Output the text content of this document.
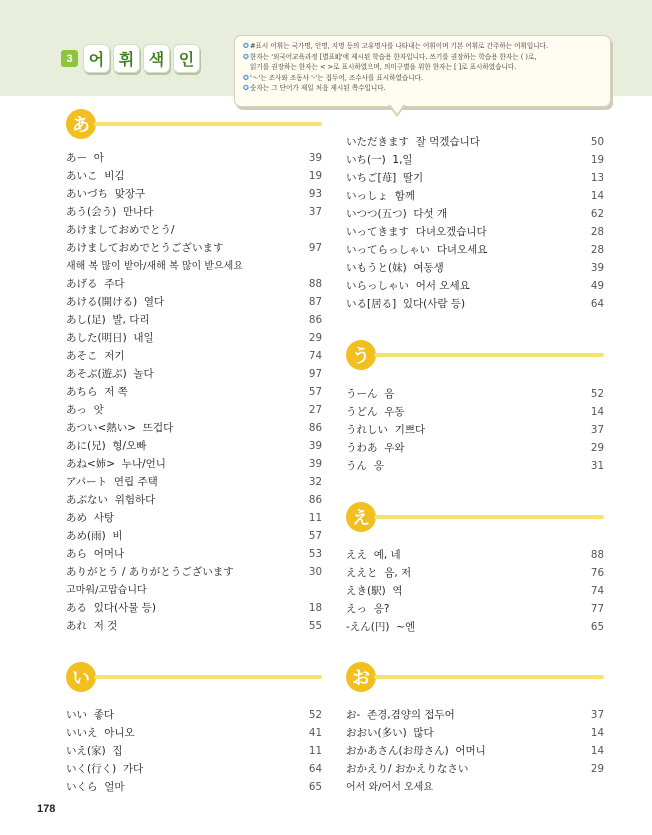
3	어 휘 색 인
✪#표시 어휘는 국가명, 인명, 지명 등의 고유명사를 나타내는 어휘이며 기본 어휘로 간주하는 어휘입니다.
✪한자는 '외국어교육과정 [별표Ⅱ]'에 제시된 학습용 한자입니다. 쓰기를 권장하는 학습용 한자는 ( )로,
읽기를 권장하는 한자는 < >로 표시하였으며, 의미구별을 위한 한자는 [ ]로 표시하였습니다.
✪'〜'는 조사와 조동사 '-'는 접두어, 조수사를 표시하였습니다.
✪숫자는 그 단어가 제일 처음 제시된 쪽수입니다.
あ
あー 아	39
あいこ 비김	19
あいづち 맞장구	93
あう(会う) 만나다	37
あけましておめでとう/
あけましておめでとうございます	97
새해 복 많이 받아/새해 복 많이 받으세요
あげる 주다	88
あける(開ける) 열다	87
あし(足) 발, 다리	86
あした(明日) 내일	29
あそこ 저기	74
あそぶ(遊ぶ) 놀다	97
あちら 저 쪽	57
あっ 앗	27
あつい<熱い> 뜨겁다	86
あに(兄) 형/오빠	39
あね<姉> 누나/언니	39
アパート 연립 주택	32
あぶない 위험하다	86
あめ 사탕	11
あめ(雨) 비	57
あら 어머나	53
ありがとう / ありがとうございます	30
고마워/고맙습니다
ある 있다(사물 등)	18
あれ 저 것	55
いただきます 잘 먹겠습니다	50
いち(一) 1,일	19
いちご[苺] 딸기	13
いっしょ 함께	14
いつつ(五つ) 다섯 개	62
いってきます 다녀오겠습니다	28
いってらっしゃい 다녀오세요	28
いもうと(妹) 여동생	39
いらっしゃい 어서 오세요	49
いる[居る] 있다(사람 등)	64
う
うーん 음	52
うどん 우동	14
うれしい 기쁘다	37
うわあ 우와	29
うん 응	31
え
ええ 예, 네	88
ええと 음, 저	76
えき(駅) 역	74
えっ 응?	77
-えん(円) ~엔	65
い
いい 좋다	52
いいえ 아니오	41
いえ(家) 집	11
いく(行く) 가다	64
いくら 얼마	65
お
お- 존경,겸양의 접두어	37
おおい(多い) 많다	14
おかあさん(お母さん) 어머니	14
おかえり/ おかえりなさい	29
어서 와/어서 오세요
178
